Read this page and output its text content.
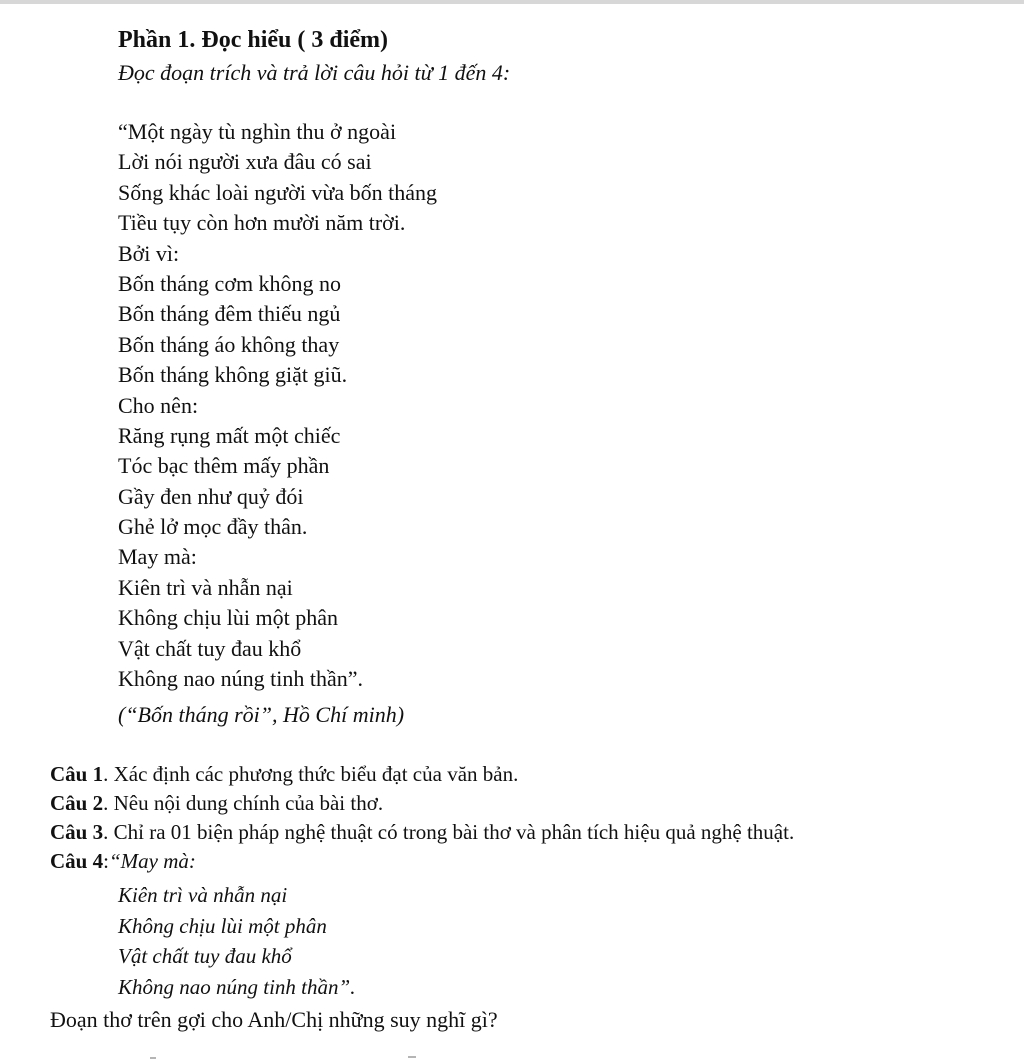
Phần 1. Đọc hiểu ( 3 điểm)
Đọc đoạn trích và trả lời câu hỏi từ 1 đến 4:
“Một ngày tù nghìn thu ở ngoài
Lời nói người xưa đâu có sai
Sống khác loài người vừa bốn tháng
Tiều tụy còn hơn mười năm trời.
Bởi vì:
Bốn tháng cơm không no
Bốn tháng đêm thiếu ngủ
Bốn tháng áo không thay
Bốn tháng không giặt giũ.
Cho nên:
Răng rụng mất một chiếc
Tóc bạc thêm mấy phần
Gầy đen như quỷ đói
Ghẻ lở mọc đầy thân.
May mà:
Kiên trì và nhẫn nại
Không chịu lùi một phân
Vật chất tuy đau khổ
Không nao núng tinh thần”.
(“Bốn tháng rồi”, Hồ Chí minh)
Câu 1. Xác định các phương thức biểu đạt của văn bản.
Câu 2. Nêu nội dung chính của bài thơ.
Câu 3. Chỉ ra 01 biện pháp nghệ thuật có trong bài thơ và phân tích hiệu quả nghệ thuật.
Câu 4:“May mà:
Kiên trì và nhẫn nại
Không chịu lùi một phân
Vật chất tuy đau khổ
Không nao núng tinh thần”.
Đoạn thơ trên gợi cho Anh/Chị những suy nghĩ gì?
